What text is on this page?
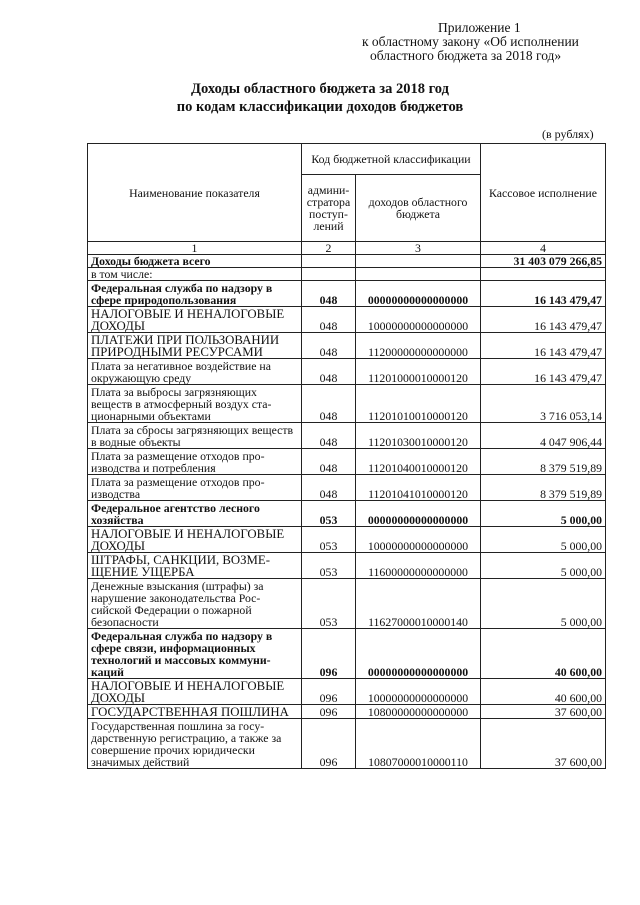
Приложение 1
к областному закону «Об исполнении
областного бюджета за 2018 год»
Доходы областного бюджета за 2018 год
по кодам классификации доходов бюджетов
(в рублях)
Наименование показателя	Код бюджетной классификации		Кассовое исполнение
	админи-стратора поступ-лений	доходов областного бюджета	
1	2	3	4
Доходы бюджета всего			31 403 079 266,85
в том числе:			
Федеральная служба по надзору в сфере природопользования	048	00000000000000000	16 143 479,47
НАЛОГОВЫЕ И НЕНАЛОГОВЫЕ ДОХОДЫ	048	10000000000000000	16 143 479,47
ПЛАТЕЖИ ПРИ ПОЛЬЗОВАНИИ ПРИРОДНЫМИ РЕСУРСАМИ	048	11200000000000000	16 143 479,47
Плата за негативное воздействие на окружающую среду	048	11201000010000120	16 143 479,47
Плата за выбросы загрязняющих веществ в атмосферный воздух ста-ционарными объектами	048	11201010010000120	3 716 053,14
Плата за сбросы загрязняющих веществ в водные объекты	048	11201030010000120	4 047 906,44
Плата за размещение отходов про-изводства и потребления	048	11201040010000120	8 379 519,89
Плата за размещение отходов про-изводства	048	11201041010000120	8 379 519,89
Федеральное агентство лесного хозяйства	053	00000000000000000	5 000,00
НАЛОГОВЫЕ И НЕНАЛОГОВЫЕ ДОХОДЫ	053	10000000000000000	5 000,00
ШТРАФЫ, САНКЦИИ, ВОЗМЕ-ЩЕНИЕ УЩЕРБА	053	11600000000000000	5 000,00
Денежные взыскания (штрафы) за нарушение законодательства Рос-сийской Федерации о пожарной безопасности	053	11627000010000140	5 000,00
Федеральная служба по надзору в сфере связи, информационных технологий и массовых коммуни-каций	096	00000000000000000	40 600,00
НАЛОГОВЫЕ И НЕНАЛОГОВЫЕ ДОХОДЫ	096	10000000000000000	40 600,00
ГОСУДАРСТВЕННАЯ ПОШЛИНА	096	10800000000000000	37 600,00
Государственная пошлина за госу-дарственную регистрацию, а также за совершение прочих юридически значимых действий	096	10807000010000110	37 600,00
